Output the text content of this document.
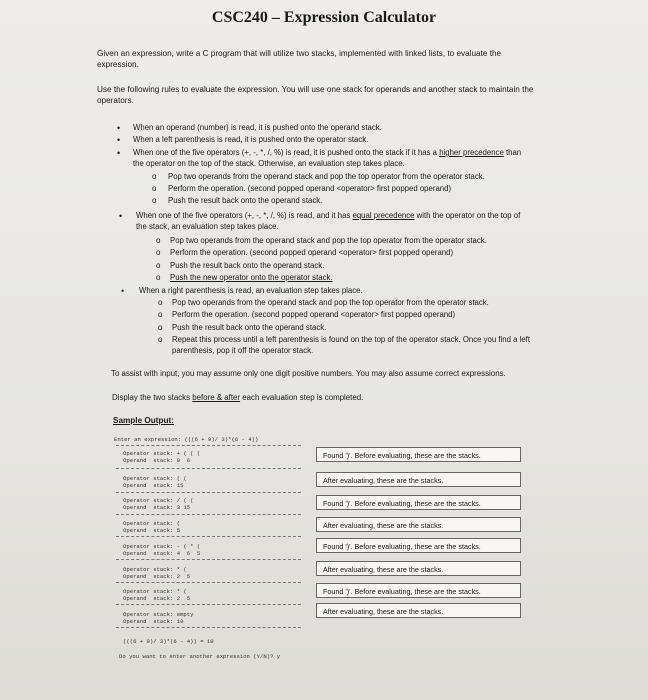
CSC240 – Expression Calculator
Given an expression, write a C program that will utilize two stacks, implemented with linked lists, to evaluate the
expression.
Use the following rules to evaluate the expression. You will use one stack for operands and another stack to maintain the
operators.
• When an operand (number) is read, it is pushed onto the operand stack.
• When a left parenthesis is read, it is pushed onto the operator stack.
• When one of the five operators (+, -, *, /, %) is read, it is pushed onto the stack if it has a higher precedence than
the operator on the top of the stack. Otherwise, an evaluation step takes place.
o Pop two operands from the operand stack and pop the top operator from the operator stack.
o Perform the operation. (second popped operand <operator> first popped operand)
o Push the result back onto the operand stack.
• When one of the five operators (+, -, *, /, %) is read, and it has equal precedence with the operator on the top of
the stack, an evaluation step takes place.
o Pop two operands from the operand stack and pop the top operator from the operator stack.
o Perform the operation. (second popped operand <operator> first popped operand)
o Push the result back onto the operand stack.
o Push the new operator onto the operator stack.
• When a right parenthesis is read, an evaluation step takes place.
o Pop two operands from the operand stack and pop the top operator from the operator stack.
o Perform the operation. (second popped operand <operator> first popped operand)
o Push the result back onto the operand stack.
o Repeat this process until a left parenthesis is found on the top of the operator stack. Once you find a left
parenthesis, pop it off the operator stack.
To assist with input, you may assume only one digit positive numbers. You may also assume correct expressions.
Display the two stacks before & after each evaluation step is completed.
Sample Output:
Enter an expression: (((6 + 9)/ 3)*(6 - 4))
Operator stack: + ( ( (
Operand  stack: 9  6
Operator stack: ( (
Operand  stack: 15
Operator stack: / ( (
Operand  stack: 3 15
Operator stack: (
Operand  stack: 5
Operator stack: - ( * (
Operand  stack: 4  6  5
Operator stack: * (
Operand  stack: 2  5
Operator stack: * (
Operand  stack: 2  5
Operator stack: empty
Operand  stack: 10
(((6 + 9)/ 3)*(6 - 4)) = 10
Do you want to enter another expression (Y/N)? y
Found ')'. Before evaluating, these are the stacks.
After evaluating, these are the stacks.
Found ')'. Before evaluating, these are the stacks.
After evaluating, these are the stacks.
Found ')'. Before evaluating, these are the stacks.
After evaluating, these are the stacks.
Found ')'. Before evaluating, these are the stacks.
After evaluating, these are the stacks.
